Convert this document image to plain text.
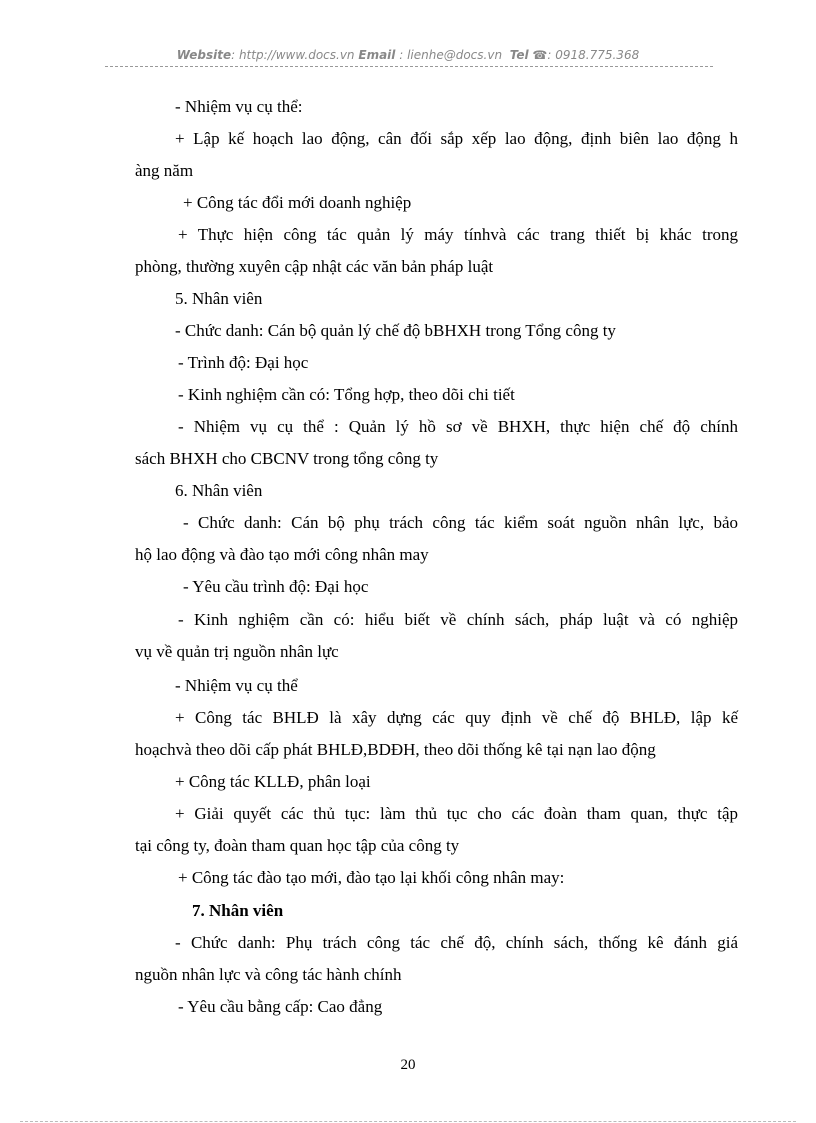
Website: http://www.docs.vn Email : lienhe@docs.vn Tel ☎: 0918.775.368
- Nhiệm vụ cụ thể:
+ Lập kế hoạch lao động, cân đối sắp xếp lao động, định biên lao động h
àng năm
+ Công tác đổi mới doanh nghiệp
+ Thực hiện công tác quản lý máy tínhvà các trang thiết bị khác trong
phòng, thường xuyên cập nhật các văn bản pháp luật
5. Nhân viên
- Chức danh: Cán bộ quản lý chế độ bBHXH trong Tổng công ty
- Trình độ: Đại học
- Kinh nghiệm cần có: Tổng hợp, theo dõi chi tiết
- Nhiệm vụ cụ thể : Quản lý hồ sơ về BHXH, thực hiện chế độ chính
sách BHXH cho CBCNV trong tổng công ty
6. Nhân viên
- Chức danh: Cán bộ phụ trách công tác kiểm soát nguồn nhân lực, bảo
hộ lao động và đào tạo mới công nhân may
- Yêu cầu trình độ: Đại học
- Kinh nghiệm cần có: hiểu biết về chính sách, pháp luật và có nghiệp
vụ về quản trị nguồn nhân lực
- Nhiệm vụ cụ thể
+ Công tác BHLĐ là xây dựng các quy định về chế độ BHLĐ, lập kế
hoạchvà theo dõi cấp phát BHLĐ,BDĐH, theo dõi thống kê tại nạn lao động
+ Công tác KLLĐ, phân loại
+ Giải quyết các thủ tục: làm thủ tục cho các đoàn tham quan, thực tập
tại công ty, đoàn tham quan học tập của công ty
+ Công tác đào tạo mới, đào tạo lại khối công nhân may:
7. Nhân viên
- Chức danh: Phụ trách công tác chế độ, chính sách, thống kê đánh giá
nguồn nhân lực và công tác hành chính
- Yêu cầu bằng cấp: Cao đẳng
20
